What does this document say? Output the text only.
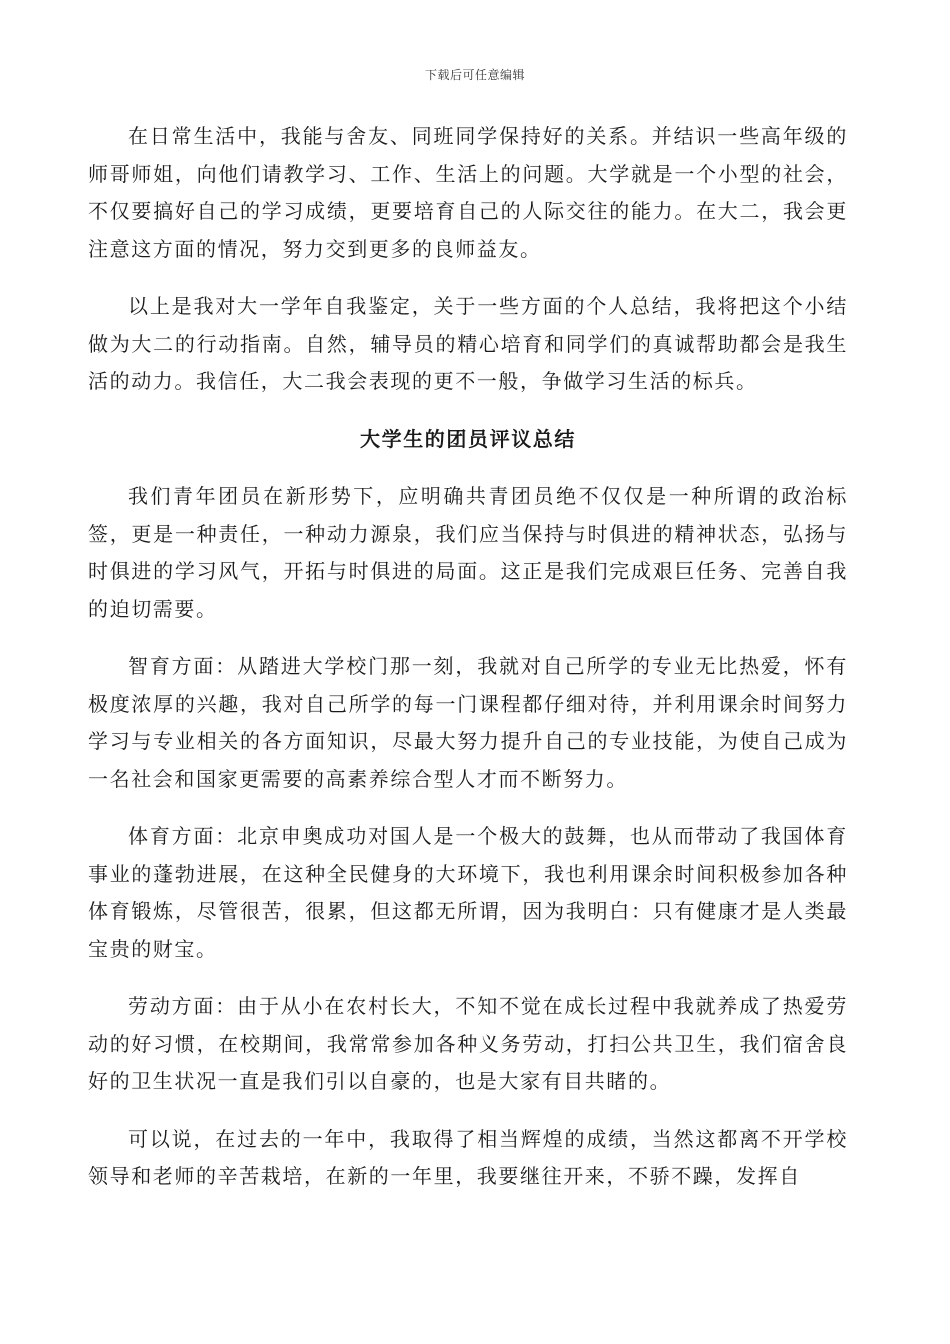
下载后可任意编辑

在日常生活中，我能与舍友、同班同学保持好的关系。并结识一些高年级的师哥师姐，向他们请教学习、工作、生活上的问题。大学就是一个小型的社会，不仅要搞好自己的学习成绩，更要培育自己的人际交往的能力。在大二，我会更注意这方面的情况，努力交到更多的良师益友。

以上是我对大一学年自我鉴定，关于一些方面的个人总结，我将把这个小结做为大二的行动指南。自然，辅导员的精心培育和同学们的真诚帮助都会是我生活的动力。我信任，大二我会表现的更不一般，争做学习生活的标兵。

大学生的团员评议总结

我们青年团员在新形势下，应明确共青团员绝不仅仅是一种所谓的政治标签，更是一种责任，一种动力源泉，我们应当保持与时俱进的精神状态，弘扬与时俱进的学习风气，开拓与时俱进的局面。这正是我们完成艰巨任务、完善自我的迫切需要。

智育方面：从踏进大学校门那一刻，我就对自己所学的专业无比热爱，怀有极度浓厚的兴趣，我对自己所学的每一门课程都仔细对待，并利用课余时间努力学习与专业相关的各方面知识，尽最大努力提升自己的专业技能，为使自己成为一名社会和国家更需要的高素养综合型人才而不断努力。

体育方面：北京申奥成功对国人是一个极大的鼓舞，也从而带动了我国体育事业的蓬勃进展，在这种全民健身的大环境下，我也利用课余时间积极参加各种体育锻炼，尽管很苦，很累，但这都无所谓，因为我明白：只有健康才是人类最宝贵的财宝。

劳动方面：由于从小在农村长大，不知不觉在成长过程中我就养成了热爱劳动的好习惯，在校期间，我常常参加各种义务劳动，打扫公共卫生，我们宿舍良好的卫生状况一直是我们引以自豪的，也是大家有目共睹的。

可以说，在过去的一年中，我取得了相当辉煌的成绩，当然这都离不开学校领导和老师的辛苦栽培，在新的一年里，我要继往开来，不骄不躁，发挥自
